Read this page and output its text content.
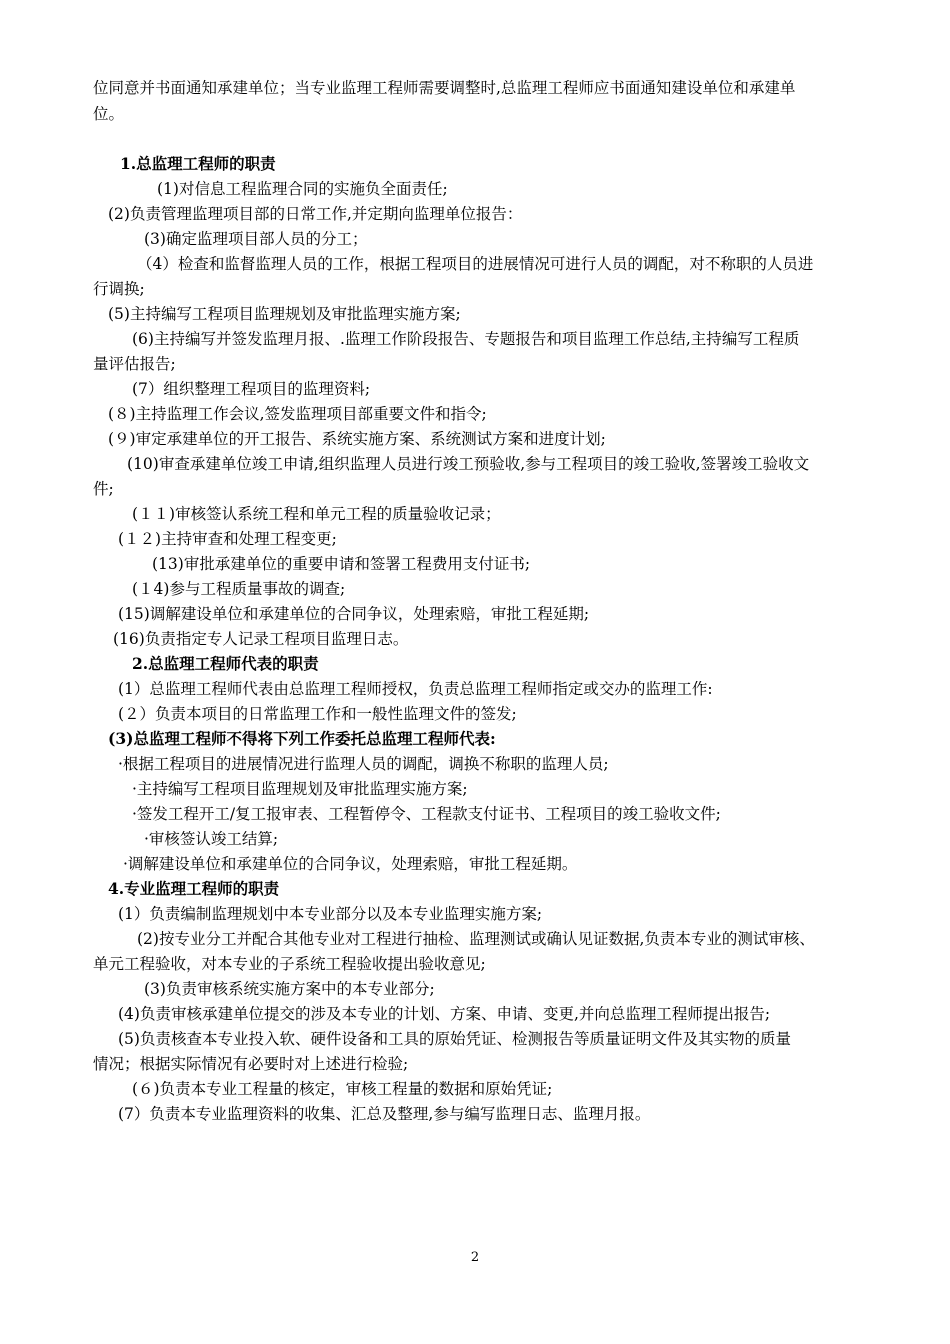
位同意并书面通知承建单位；当专业监理工程师需要调整时,总监理工程师应书面通知建设单位和承建单
位。
1.总监理工程师的职责
(1)对信息工程监理合同的实施负全面责任;
(2)负责管理监理项目部的日常工作,并定期向监理单位报告：
(3)确定监理项目部人员的分工；
（4）检查和监督监理人员的工作，根据工程项目的进展情况可进行人员的调配，对不称职的人员进
行调换;
(5)主持编写工程项目监理规划及审批监理实施方案;
(6)主持编写并签发监理月报、.监理工作阶段报告、专题报告和项目监理工作总结,主持编写工程质
量评估报告;
(7）组织整理工程项目的监理资料;
(８)主持监理工作会议,签发监理项目部重要文件和指令;
(９)审定承建单位的开工报告、系统实施方案、系统测试方案和进度计划;
(10)审查承建单位竣工申请,组织监理人员进行竣工预验收,参与工程项目的竣工验收,签署竣工验收文
件;
(１１)审核签认系统工程和单元工程的质量验收记录；
(１２)主持审查和处理工程变更;
(13)审批承建单位的重要申请和签署工程费用支付证书;
(１4)参与工程质量事故的调查;
(15)调解建设单位和承建单位的合同争议，处理索赔，审批工程延期;
(16)负责指定专人记录工程项目监理日志。
2.总监理工程师代表的职责
(1）总监理工程师代表由总监理工程师授权，负责总监理工程师指定或交办的监理工作:
(２）负责本项目的日常监理工作和一般性监理文件的签发;
(3)总监理工程师不得将下列工作委托总监理工程师代表:
·根据工程项目的进展情况进行监理人员的调配，调换不称职的监理人员;
·主持编写工程项目监理规划及审批监理实施方案;
·签发工程开工/复工报审表、工程暂停令、工程款支付证书、工程项目的竣工验收文件;
·审核签认竣工结算;
·调解建设单位和承建单位的合同争议，处理索赔，审批工程延期。
4.专业监理工程师的职责
(1）负责编制监理规划中本专业部分以及本专业监理实施方案;
(2)按专业分工并配合其他专业对工程进行抽检、监理测试或确认见证数据,负责本专业的测试审核、
单元工程验收，对本专业的子系统工程验收提出验收意见;
(3)负责审核系统实施方案中的本专业部分;
(4)负责审核承建单位提交的涉及本专业的计划、方案、申请、变更,并向总监理工程师提出报告;
(5)负责核查本专业投入软、硬件设备和工具的原始凭证、检测报告等质量证明文件及其实物的质量
情况；根据实际情况有必要时对上述进行检验;
(６)负责本专业工程量的核定，审核工程量的数据和原始凭证;
(7）负责本专业监理资料的收集、汇总及整理,参与编写监理日志、监理月报。
2
